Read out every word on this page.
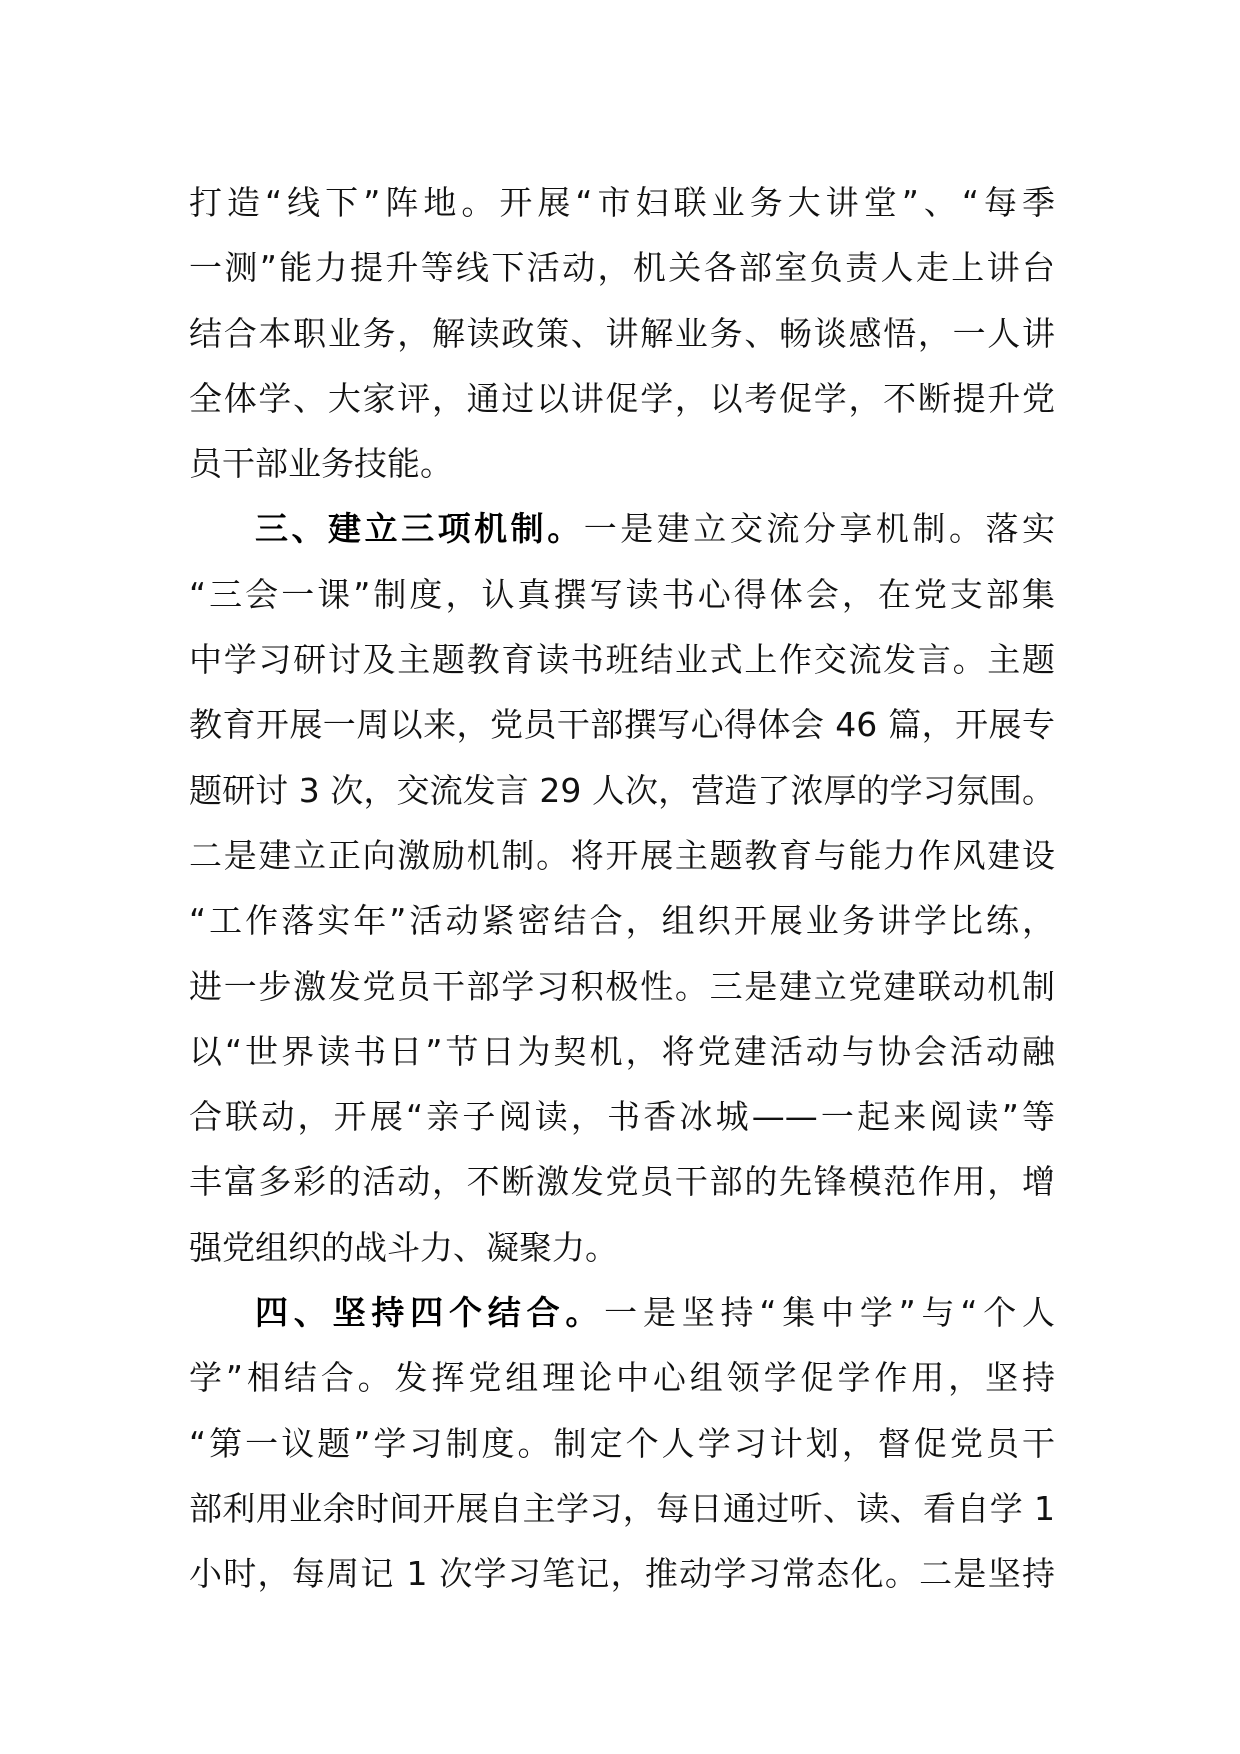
打造“线下”阵地。开展“市妇联业务大讲堂”、“每季
一测”能力提升等线下活动，机关各部室负责人走上讲台
结合本职业务，解读政策、讲解业务、畅谈感悟，一人讲
全体学、大家评，通过以讲促学，以考促学，不断提升党
员干部业务技能。
三、建立三项机制。一是建立交流分享机制。落实
“三会一课”制度，认真撰写读书心得体会，在党支部集
中学习研讨及主题教育读书班结业式上作交流发言。主题
教育开展一周以来，党员干部撰写心得体会 46 篇，开展专
题研讨 3 次，交流发言 29 人次，营造了浓厚的学习氛围。
二是建立正向激励机制。将开展主题教育与能力作风建设
“工作落实年”活动紧密结合，组织开展业务讲学比练，
进一步激发党员干部学习积极性。三是建立党建联动机制
以“世界读书日”节日为契机，将党建活动与协会活动融
合联动，开展“亲子阅读，书香冰城——一起来阅读”等
丰富多彩的活动，不断激发党员干部的先锋模范作用，增
强党组织的战斗力、凝聚力。
四、坚持四个结合。一是坚持“集中学”与“个人
学”相结合。发挥党组理论中心组领学促学作用，坚持
“第一议题”学习制度。制定个人学习计划，督促党员干
部利用业余时间开展自主学习，每日通过听、读、看自学 1
小时，每周记 1 次学习笔记，推动学习常态化。二是坚持
